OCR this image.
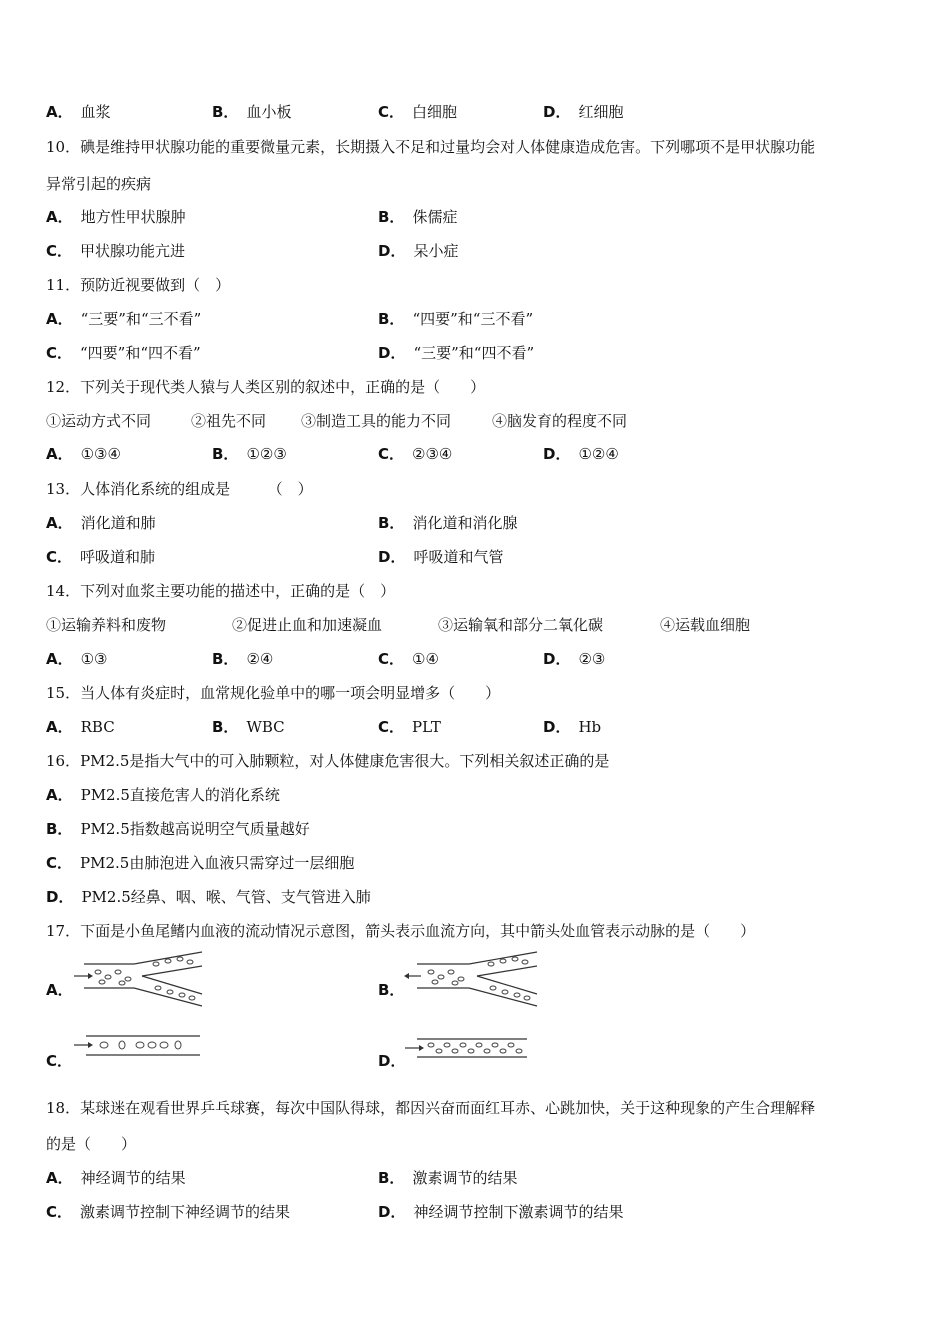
A． 血浆	B． 血小板	C． 白细胞	D． 红细胞
10．碘是维持甲状腺功能的重要微量元素，长期摄入不足和过量均会对人体健康造成危害。下列哪项不是甲状腺功能
异常引起的疾病
A． 地方性甲状腺肿	B． 侏儒症
C． 甲状腺功能亢进	D． 呆小症
11．预防近视要做到（　）
A． “三要”和“三不看”	B． “四要”和“三不看”
C． “四要”和“四不看”	D． “三要”和“四不看”
12．下列关于现代类人猿与人类区别的叙述中，正确的是（　　）
①运动方式不同	②祖先不同 ③制造工具的能力不同	④脑发育的程度不同
A． ①③④	B． ①②③	C． ②③④	D． ①②④
13．人体消化系统的组成是　　　（　）
A． 消化道和肺	B． 消化道和消化腺
C． 呼吸道和肺	D． 呼吸道和气管
14．下列对血浆主要功能的描述中，正确的是（　）
①运输养料和废物	②促进止血和加速凝血	③运输氧和部分二氧化碳	④运载血细胞
A． ①③	B． ②④	C． ①④	D． ②③
15．当人体有炎症时，血常规化验单中的哪一项会明显增多（　　）
A． RBC	B． WBC	C． PLT	D． Hb
16．PM2.5是指大气中的可入肺颗粒，对人体健康危害很大。下列相关叙述正确的是
A． PM2.5直接危害人的消化系统
B． PM2.5指数越高说明空气质量越好
C． PM2.5由肺泡进入血液只需穿过一层细胞
D． PM2.5经鼻、咽、喉、气管、支气管进入肺
17．下面是小鱼尾鳍内血液的流动情况示意图，箭头表示血流方向，其中箭头处血管表示动脉的是（　　）
A．	B．
C．	D．
18．某球迷在观看世界乒乓球赛，每次中国队得球，都因兴奋而面红耳赤、心跳加快，关于这种现象的产生合理解释
的是（　　）
A． 神经调节的结果	B． 激素调节的结果
C． 激素调节控制下神经调节的结果	D． 神经调节控制下激素调节的结果
